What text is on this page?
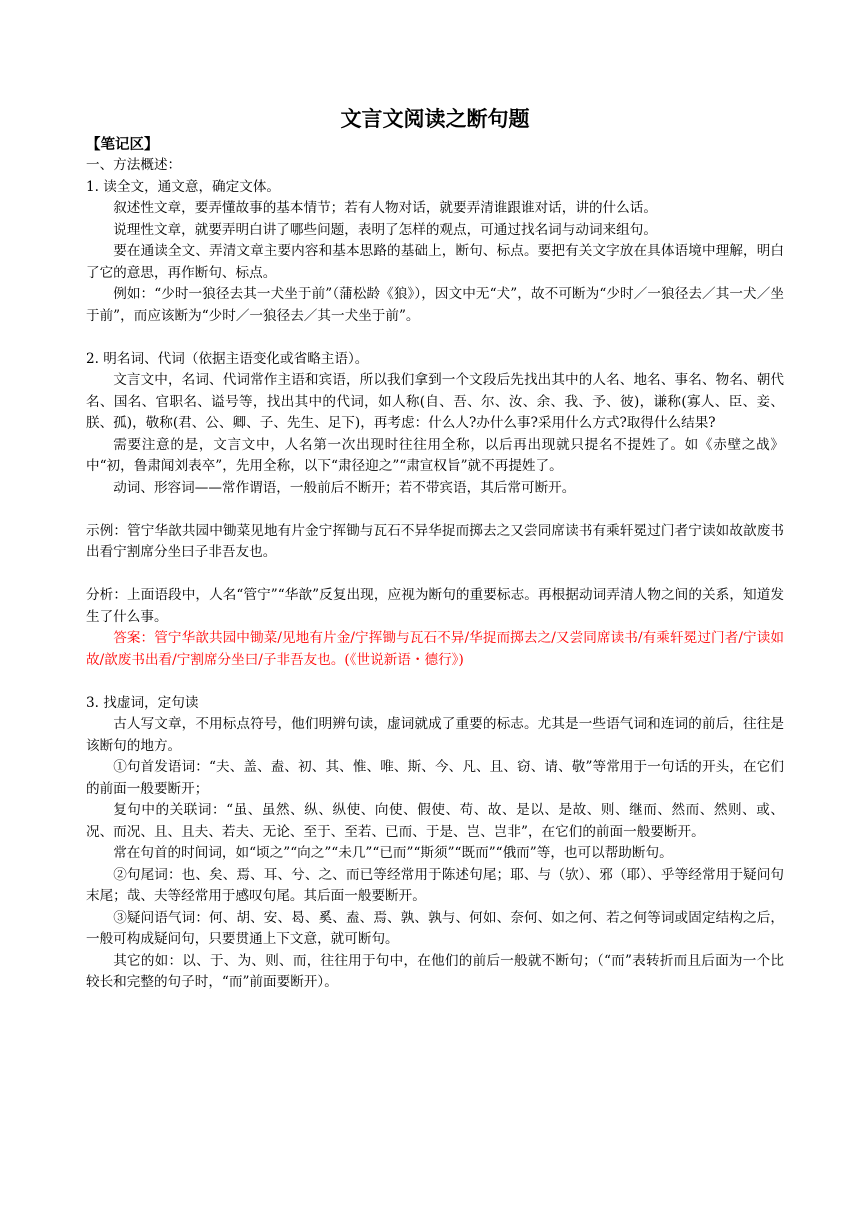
文言文阅读之断句题
【笔记区】

一、方法概述：

1. 读全文，通文意，确定文体。

叙述性文章，要弄懂故事的基本情节；若有人物对话，就要弄清谁跟谁对话，讲的什么话。

说理性文章，就要弄明白讲了哪些问题，表明了怎样的观点，可通过找名词与动词来组句。

要在通读全文、弄清文章主要内容和基本思路的基础上，断句、标点。要把有关文字放在具体语境中理解，明白了它的意思，再作断句、标点。

例如：“少时一狼径去其一犬坐于前”（蒲松龄《狼》），因文中无“犬”，故不可断为“少时／一狼径去／其一犬／坐于前”，而应该断为“少时／一狼径去／其一犬坐于前”。

2. 明名词、代词（依据主语变化或省略主语）。

文言文中，名词、代词常作主语和宾语，所以我们拿到一个文段后先找出其中的人名、地名、事名、物名、朝代名、国名、官职名、谥号等，找出其中的代词，如人称(自、吾、尔、汝、余、我、予、彼)，谦称(寡人、臣、妾、朕、孤)，敬称(君、公、卿、子、先生、足下)，再考虑：什么人?办什么事?采用什么方式?取得什么结果?

需要注意的是，文言文中，人名第一次出现时往往用全称，以后再出现就只提名不提姓了。如《赤壁之战》中“初，鲁肃闻刘表卒”，先用全称，以下“肃径迎之”“肃宣权旨”就不再提姓了。

动词、形容词——常作谓语，一般前后不断开；若不带宾语，其后常可断开。

示例：管宁华歆共园中锄菜见地有片金宁挥锄与瓦石不异华捉而掷去之又尝同席读书有乘轩冕过门者宁读如故歆废书出看宁割席分坐曰子非吾友也。

分析：上面语段中，人名“管宁”“华歆”反复出现，应视为断句的重要标志。再根据动词弄清人物之间的关系，知道发生了什么事。

答案：管宁华歆共园中锄菜/见地有片金/宁挥锄与瓦石不异/华捉而掷去之/又尝同席读书/有乘轩冕过门者/宁读如故/歆废书出看/宁割席分坐曰/子非吾友也。(《世说新语・德行》)

3. 找虚词，定句读

古人写文章，不用标点符号，他们明辨句读，虚词就成了重要的标志。尤其是一些语气词和连词的前后，往往是该断句的地方。

①句首发语词：“夫、盖、盍、初、其、惟、唯、斯、今、凡、且、窃、请、敬”等常用于一句话的开头，在它们的前面一般要断开；

复句中的关联词：“虽、虽然、纵、纵使、向使、假使、苟、故、是以、是故、则、继而、然而、然则、或、况、而况、且、且夫、若夫、无论、至于、至若、已而、于是、岂、岂非”，在它们的前面一般要断开。

常在句首的时间词，如“顷之”“向之”“未几”“已而”“斯须”“既而”“俄而”等，也可以帮助断句。

②句尾词：也、矣、焉、耳、兮、之、而已等经常用于陈述句尾；耶、与（欤）、邪（耶）、乎等经常用于疑问句末尾；哉、夫等经常用于感叹句尾。其后面一般要断开。

③疑问语气词：何、胡、安、曷、奚、盍、焉、孰、孰与、何如、奈何、如之何、若之何等词或固定结构之后，一般可构成疑问句，只要贯通上下文意，就可断句。

其它的如：以、于、为、则、而，往往用于句中，在他们的前后一般就不断句；（“而”表转折而且后面为一个比较长和完整的句子时，“而”前面要断开）。
